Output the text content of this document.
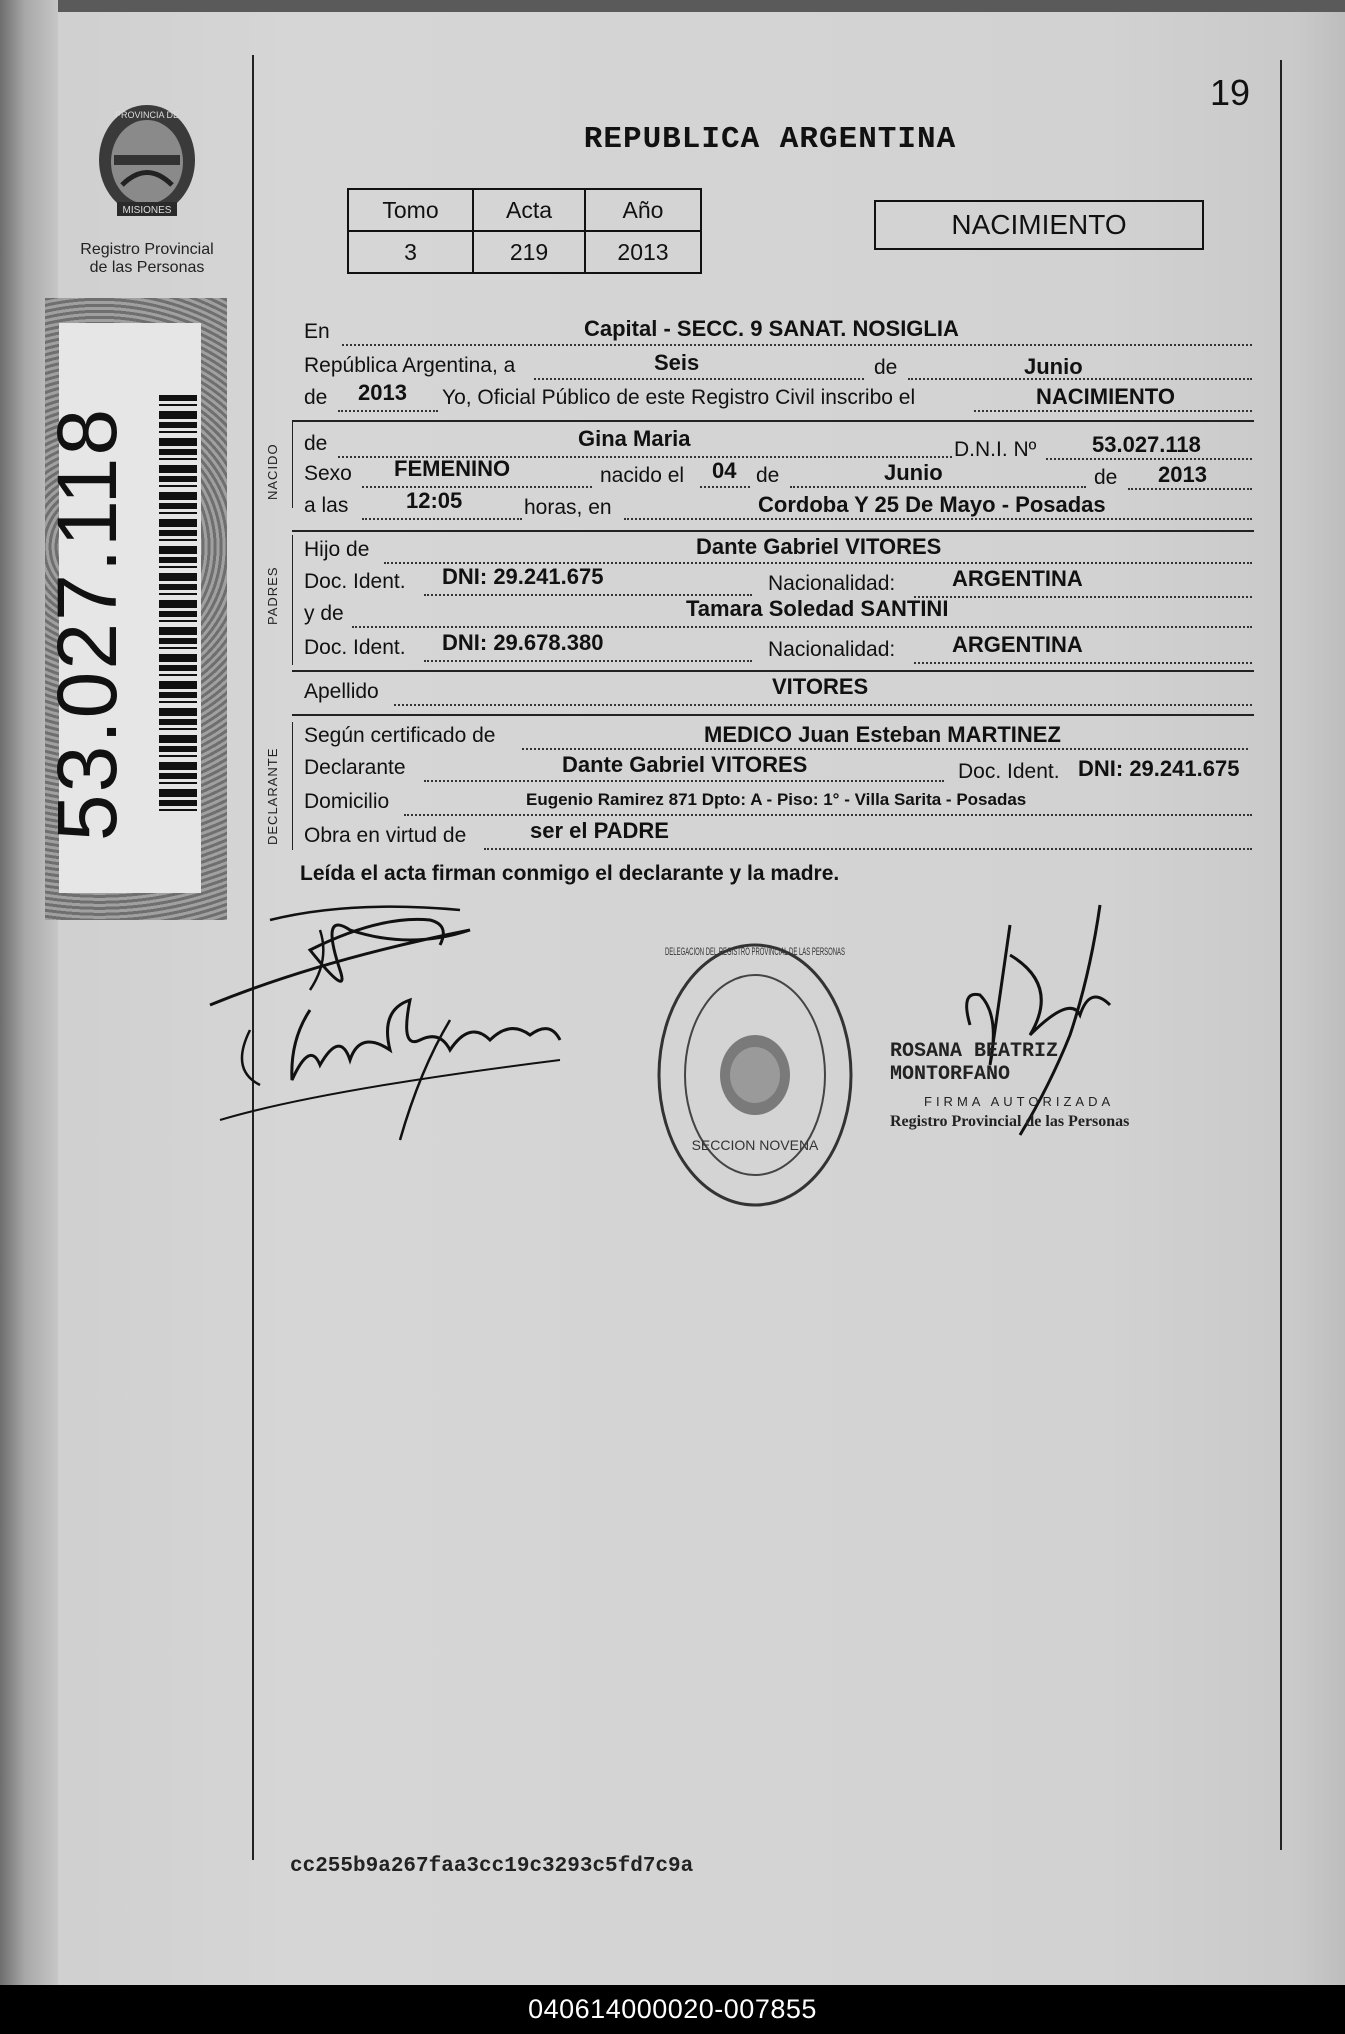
PROVINCIA DE
MISIONES
Registro Provincial
de las Personas
53.027.118
19
REPUBLICA ARGENTINA
Tomo	Acta	Año
3	219	2013
NACIMIENTO
NACIDO
PADRES
DECLARANTE
En	Capital - SECC. 9 SANAT. NOSIGLIA
República Argentina, a	Seis	de	Junio
de 2013 Yo, Oficial Público de este Registro Civil inscribo el	NACIMIENTO
de	Gina Maria	D.N.I. Nº	53.027.118
Sexo FEMENINO	nacido el 04 de	Junio	de 2013
a las	12:05	horas, en	Cordoba Y 25 De Mayo - Posadas
Hijo de	Dante Gabriel VITORES
Doc. Ident. DNI: 29.241.675	Nacionalidad:	ARGENTINA
y de	Tamara Soledad SANTINI
Doc. Ident. DNI: 29.678.380	Nacionalidad:	ARGENTINA
Apellido	VITORES
Según certificado de	MEDICO Juan Esteban MARTINEZ
Declarante	Dante Gabriel VITORES	Doc. Ident. DNI: 29.241.675
Domicilio	Eugenio Ramirez 871 Dpto: A - Piso: 1° - Villa Sarita - Posadas
Obra en virtud de	ser el PADRE
Leída el acta firman conmigo el declarante y la madre.
DELEGACION DEL REGISTRO PROVINCIAL DE LAS PERSONAS
SECCION NOVENA
ROSANA BEATRIZ MONTORFANO
FIRMA AUTORIZADA
Registro Provincial de las Personas
cc255b9a267faa3cc19c3293c5fd7c9a
040614000020-007855
